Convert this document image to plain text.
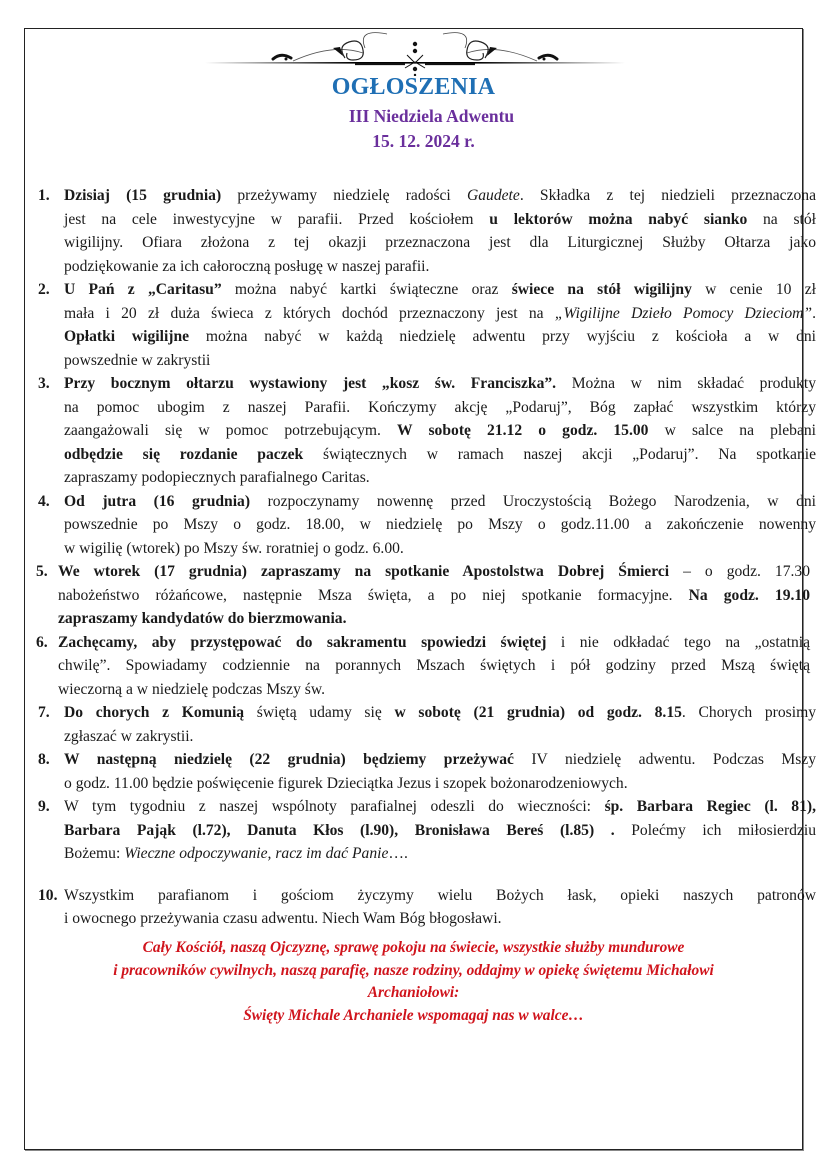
OGŁOSZENIA
III Niedziela Adwentu
15. 12. 2024 r.
1. Dzisiaj (15 grudnia) przeżywamy niedzielę radości Gaudete. Składka z tej niedzieli przeznaczona
jest na cele inwestycyjne w parafii. Przed kościołem u lektorów można nabyć sianko na stół
wigilijny. Ofiara złożona z tej okazji przeznaczona jest dla Liturgicznej Służby Ołtarza jako
podziękowanie za ich całoroczną posługę w naszej parafii.
2. U Pań z „Caritasu” można nabyć kartki świąteczne oraz świece na stół wigilijny w cenie 10 zł
mała i 20 zł duża świeca z których dochód przeznaczony jest na „Wigilijne Dzieło Pomocy Dzieciom”.
Opłatki wigilijne można nabyć w każdą niedzielę adwentu przy wyjściu z kościoła a w dni
powszednie w zakrystii
3. Przy bocznym ołtarzu wystawiony jest „kosz św. Franciszka”. Można w nim składać produkty
na pomoc ubogim z naszej Parafii. Kończymy akcję „Podaruj”, Bóg zapłać wszystkim którzy
zaangażowali się w pomoc potrzebującym. W sobotę 21.12 o godz. 15.00 w salce na plebani
odbędzie się rozdanie paczek świątecznych w ramach naszej akcji „Podaruj”. Na spotkanie
zapraszamy podopiecznych parafialnego Caritas.
4. Od jutra (16 grudnia) rozpoczynamy nowennę przed Uroczystością Bożego Narodzenia, w dni
powszednie po Mszy o godz. 18.00, w niedzielę po Mszy o godz.11.00 a zakończenie nowenny
w wigilię (wtorek) po Mszy św. roratniej o godz. 6.00.
5. We wtorek (17 grudnia) zapraszamy na spotkanie Apostolstwa Dobrej Śmierci – o godz. 17.30
nabożeństwo różańcowe, następnie Msza święta, a po niej spotkanie formacyjne. Na godz. 19.10
zapraszamy kandydatów do bierzmowania.
6. Zachęcamy, aby przystępować do sakramentu spowiedzi świętej i nie odkładać tego na „ostatnią
chwilę”. Spowiadamy codziennie na porannych Mszach świętych i pół godziny przed Mszą świętą
wieczorną a w niedzielę podczas Mszy św.
7. Do chorych z Komunią świętą udamy się w sobotę (21 grudnia) od godz. 8.15. Chorych prosimy
zgłaszać w zakrystii.
8. W następną niedzielę (22 grudnia) będziemy przeżywać IV niedzielę adwentu. Podczas Mszy
o godz. 11.00 będzie poświęcenie figurek Dzieciątka Jezus i szopek bożonarodzeniowych.
9. W tym tygodniu z naszej wspólnoty parafialnej odeszli do wieczności: śp. Barbara Regiec (l. 81),
Barbara Pająk (l.72), Danuta Kłos (l.90), Bronisława Bereś (l.85) . Polećmy ich miłosierdziu
Bożemu: Wieczne odpoczywanie, racz im dać Panie….
10. Wszystkim parafianom i gościom życzymy wielu Bożych łask, opieki naszych patronów
i owocnego przeżywania czasu adwentu. Niech Wam Bóg błogosławi.
Cały Kościół, naszą Ojczyznę, sprawę pokoju na świecie, wszystkie służby mundurowe
i pracowników cywilnych, naszą parafię, nasze rodziny, oddajmy w opiekę świętemu Michałowi
Archaniołowi:
Święty Michale Archaniele wspomagaj nas w walce…
